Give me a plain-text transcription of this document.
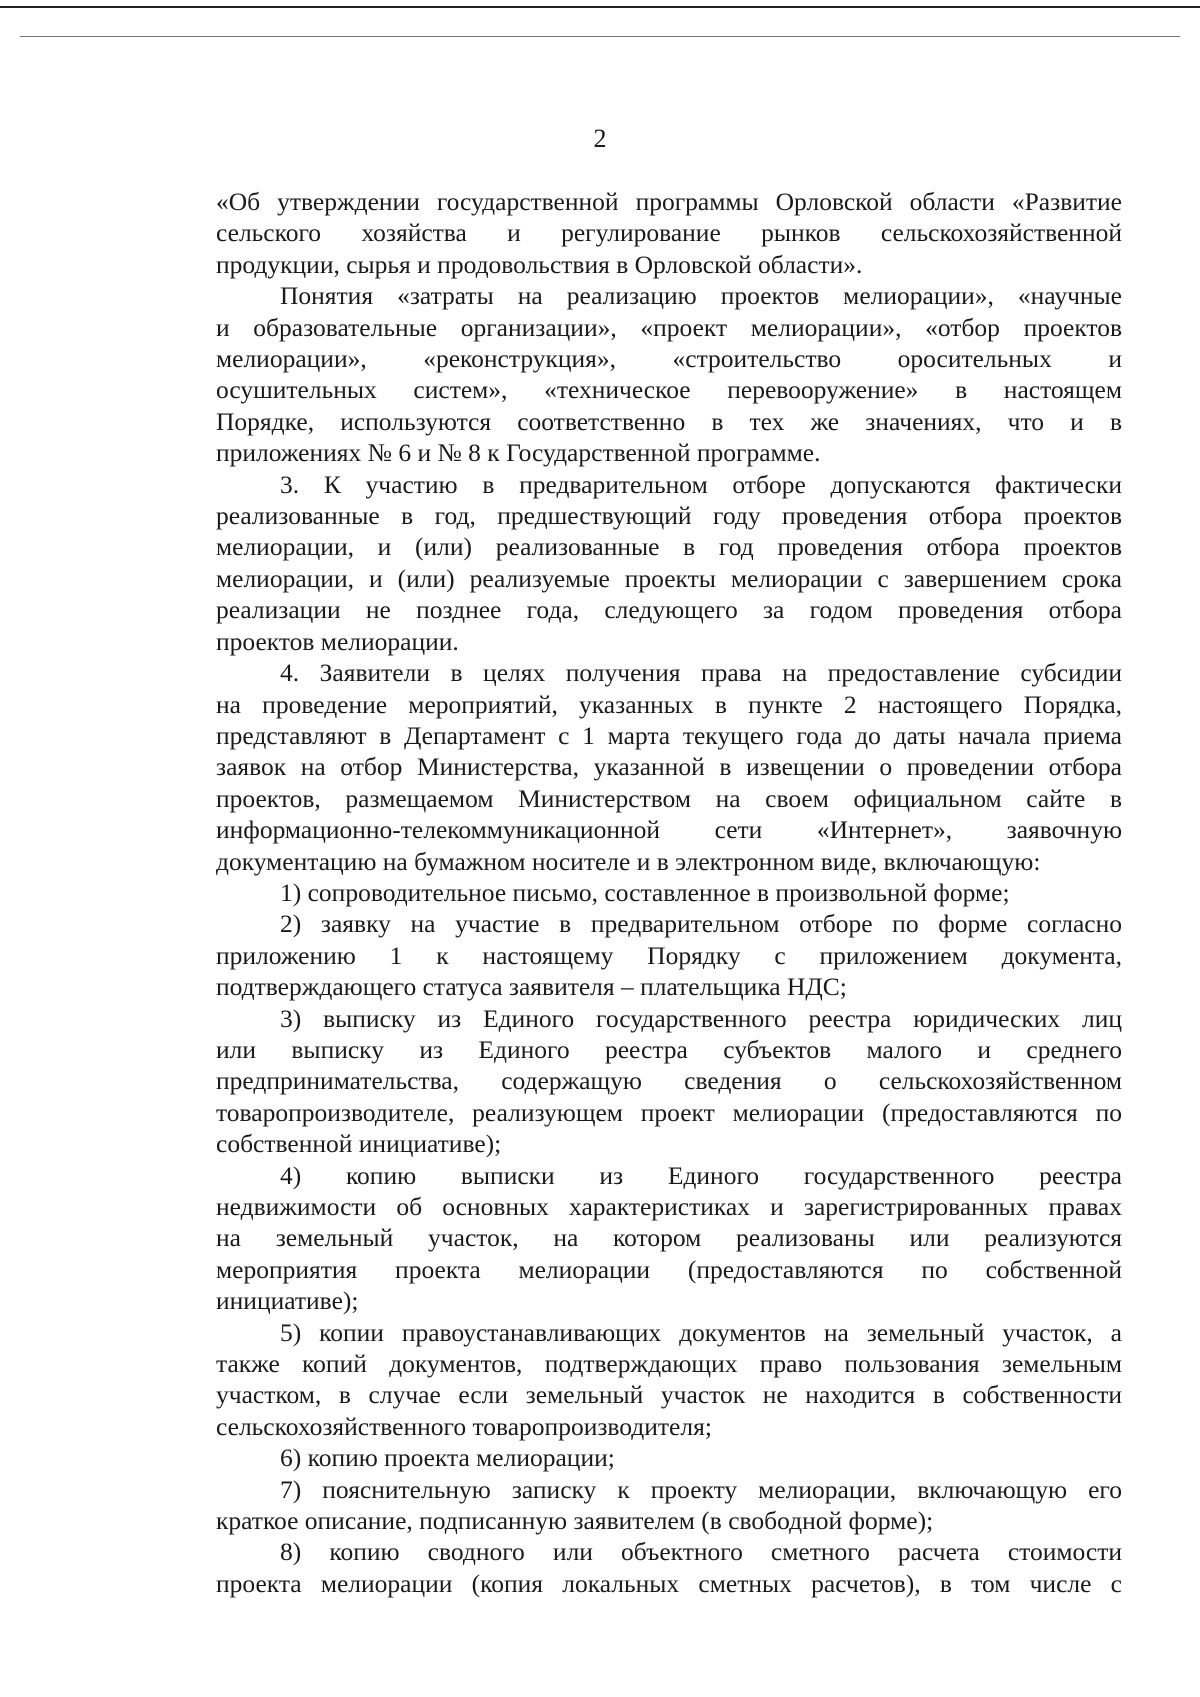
2

«Об утверждении государственной программы Орловской области «Развитие

сельского хозяйства и регулирование рынков сельскохозяйственной

продукции, сырья и продовольствия в Орловской области».

Понятия «затраты на реализацию проектов мелиорации», «научные

и образовательные организации», «проект мелиорации», «отбор проектов

мелиорации», «реконструкция», «строительство оросительных и

осушительных систем», «техническое перевооружение» в настоящем

Порядке, используются соответственно в тех же значениях, что и в

приложениях № 6 и № 8 к Государственной программе.

3. К участию в предварительном отборе допускаются фактически

реализованные в год, предшествующий году проведения отбора проектов

мелиорации, и (или) реализованные в год проведения отбора проектов

мелиорации, и (или) реализуемые проекты мелиорации с завершением срока

реализации не позднее года, следующего за годом проведения отбора

проектов мелиорации.

4. Заявители в целях получения права на предоставление субсидии

на проведение мероприятий, указанных в пункте 2 настоящего Порядка,

представляют в Департамент с 1 марта текущего года до даты начала приема

заявок на отбор Министерства, указанной в извещении о проведении отбора

проектов, размещаемом Министерством на своем официальном сайте в

информационно-телекоммуникационной сети «Интернет», заявочную

документацию на бумажном носителе и в электронном виде, включающую:

1) сопроводительное письмо, составленное в произвольной форме;

2) заявку на участие в предварительном отборе по форме согласно

приложению 1 к настоящему Порядку с приложением документа,

подтверждающего статуса заявителя – плательщика НДС;

3) выписку из Единого государственного реестра юридических лиц

или выписку из Единого реестра субъектов малого и среднего

предпринимательства, содержащую сведения о сельскохозяйственном

товаропроизводителе, реализующем проект мелиорации (предоставляются по

собственной инициативе);

4) копию выписки из Единого государственного реестра

недвижимости об основных характеристиках и зарегистрированных правах

на земельный участок, на котором реализованы или реализуются

мероприятия проекта мелиорации (предоставляются по собственной

инициативе);

5) копии правоустанавливающих документов на земельный участок, а

также копий документов, подтверждающих право пользования земельным

участком, в случае если земельный участок не находится в собственности

сельскохозяйственного товаропроизводителя;

6) копию проекта мелиорации;

7) пояснительную записку к проекту мелиорации, включающую его

краткое описание, подписанную заявителем (в свободной форме);

8) копию сводного или объектного сметного расчета стоимости

проекта мелиорации (копия локальных сметных расчетов), в том числе с
